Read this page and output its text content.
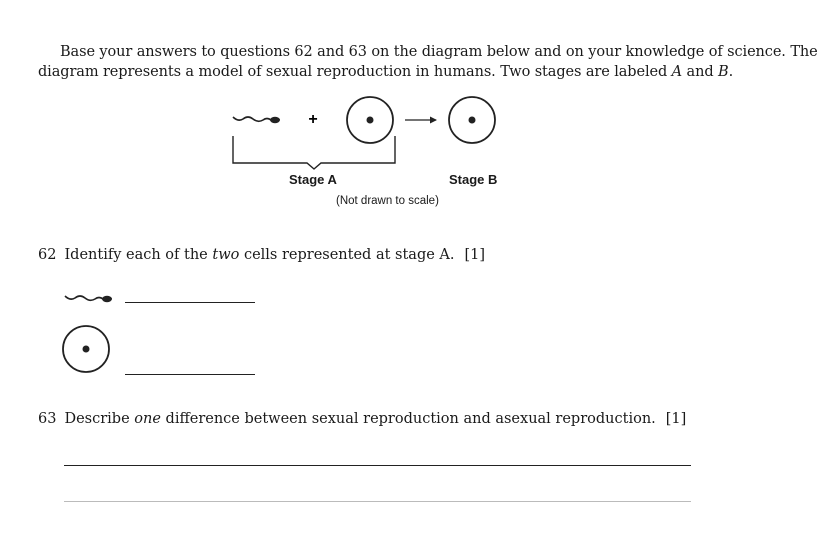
Base your answers to questions 62 and 63 on the diagram below and on your knowledge of science. The
diagram represents a model of sexual reproduction in humans. Two stages are labeled A and B.
+
Stage A	Stage B
(Not drawn to scale)
62 Identify each of the two cells represented at stage A. [1]
63 Describe one difference between sexual reproduction and asexual reproduction. [1]
